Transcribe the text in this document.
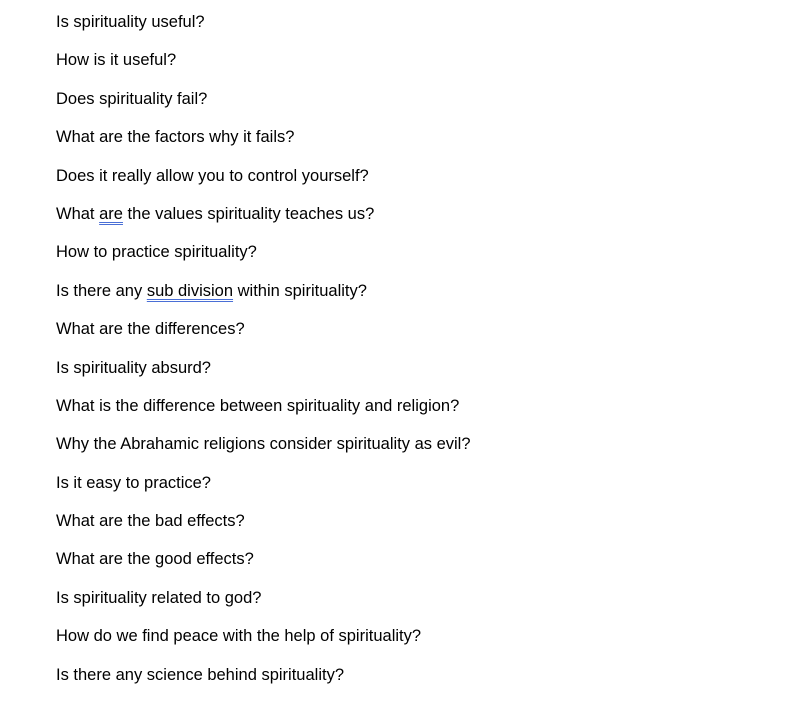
Is spirituality useful?
How is it useful?
Does spirituality fail?
What are the factors why it fails?
Does it really allow you to control yourself?
What are the values spirituality teaches us?
How to practice spirituality?
Is there any sub division within spirituality?
What are the differences?
Is spirituality absurd?
What is the difference between spirituality and religion?
Why the Abrahamic religions consider spirituality as evil?
Is it easy to practice?
What are the bad effects?
What are the good effects?
Is spirituality related to god?
How do we find peace with the help of spirituality?
Is there any science behind spirituality?
